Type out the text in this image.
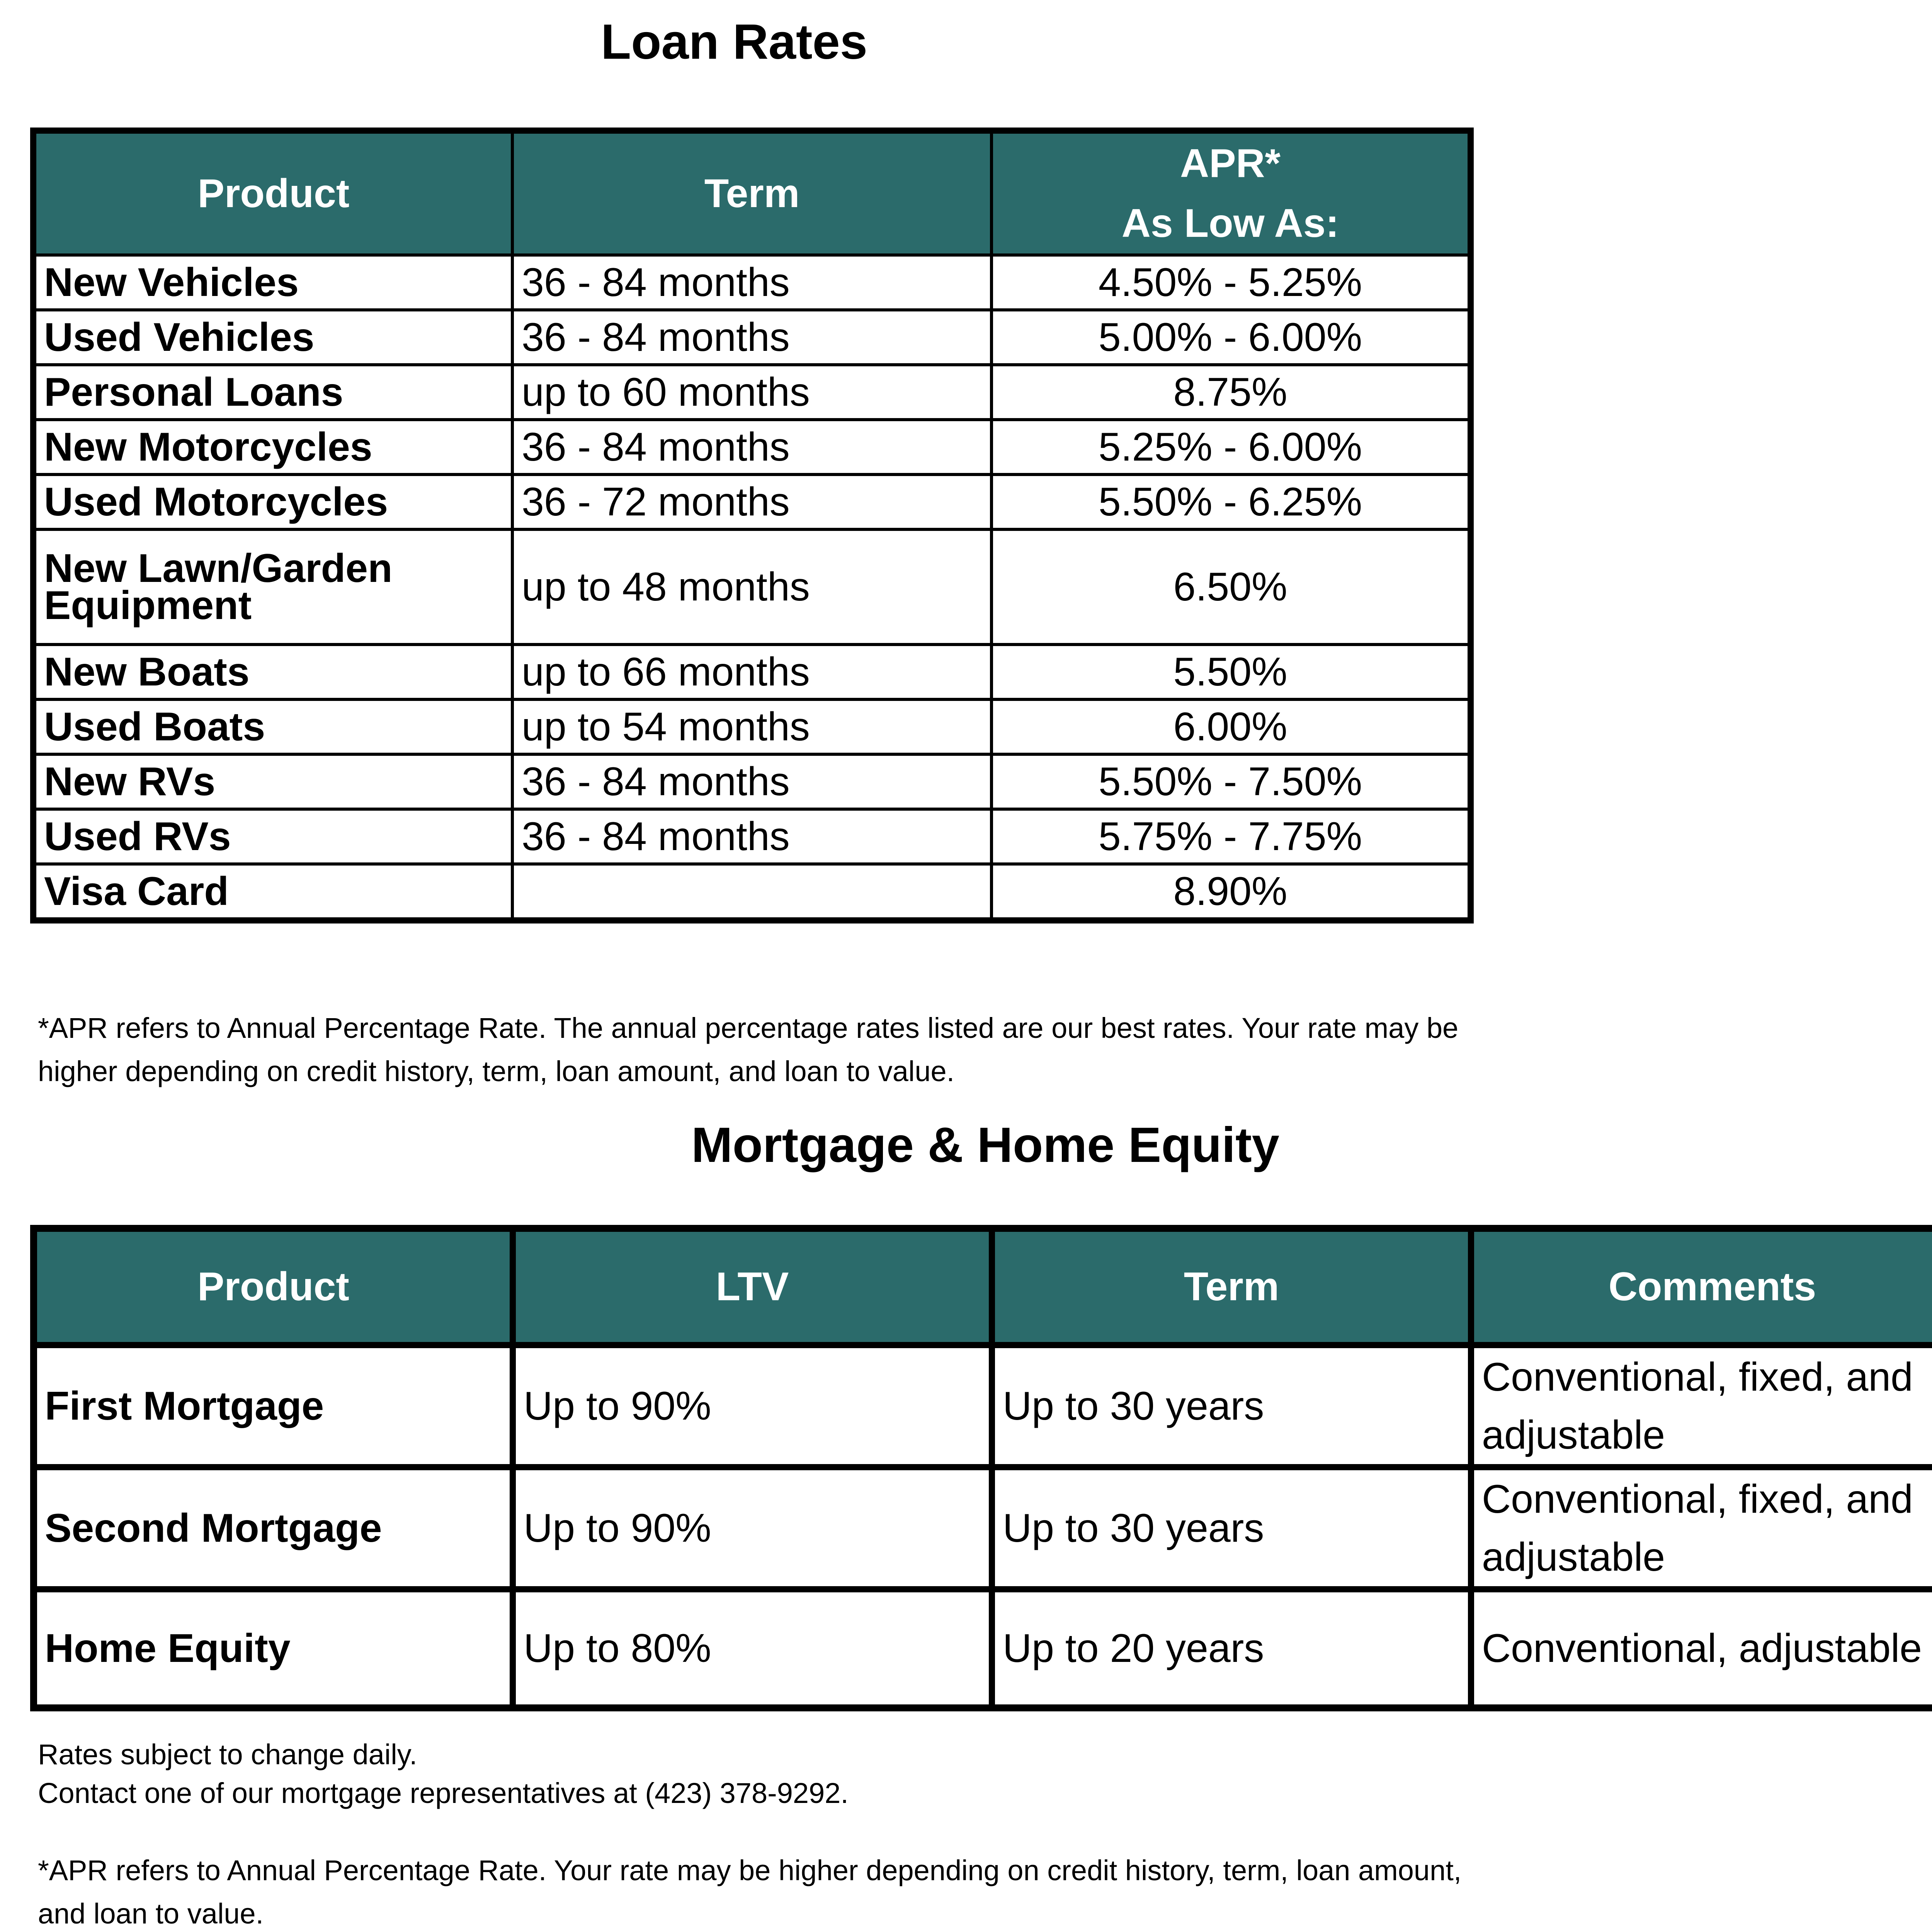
Loan Rates
Product	Term	APR*
As Low As:
New Vehicles	36 - 84 months	4.50% - 5.25%
Used Vehicles	36 - 84 months	5.00% - 6.00%
Personal Loans	up to 60 months	8.75%
New Motorcycles	36 - 84 months	5.25% - 6.00%
Used Motorcycles	36 - 72 months	5.50% - 6.25%
New Lawn/Garden Equipment	up to 48 months	6.50%
New Boats	up to 66 months	5.50%
Used Boats	up to 54 months	6.00%
New RVs	36 - 84 months	5.50% - 7.50%
Used RVs	36 - 84 months	5.75% - 7.75%
Visa Card		8.90%

*APR refers to Annual Percentage Rate. The annual percentage rates listed are our best rates. Your rate may be higher depending on credit history, term, loan amount, and loan to value.

Mortgage & Home Equity
Product	LTV	Term	Comments
First Mortgage	Up to 90%	Up to 30 years	Conventional, fixed, and adjustable
Second Mortgage	Up to 90%	Up to 30 years	Conventional, fixed, and adjustable
Home Equity	Up to 80%	Up to 20 years	Conventional, adjustable

Rates subject to change daily.

Contact one of our mortgage representatives at (423) 378-9292.

*APR refers to Annual Percentage Rate. Your rate may be higher depending on credit history, term, loan amount, and loan to value.
